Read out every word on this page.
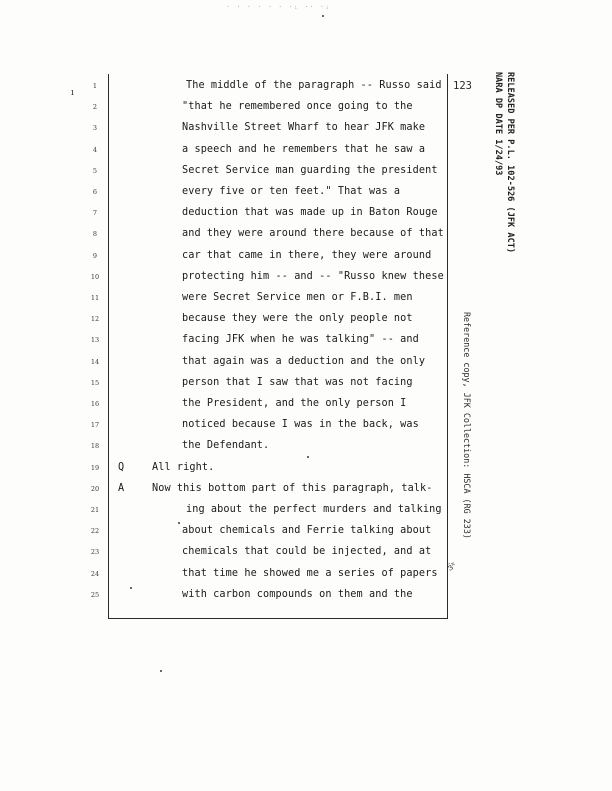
· · · · · · ·ᵢ ·· ·ᵢ
ı
123	RELEASED PER P.L. 102-526 (JFK ACT)
NARA DP DATE 1/24/93
Reference copy, JFK Collection: HSCA (RG 233)
ɜ̈ˣ
1	The middle of the paragraph -- Russo said
2	"that he remembered once going to the
3	Nashville Street Wharf to hear JFK make
4	a speech and he remembers that he saw a
5	Secret Service man guarding the president
6	every five or ten feet." That was a
7	deduction that was made up in Baton Rouge
8	and they were around there because of that
9	car that came in there, they were around
10	protecting him -- and -- "Russo knew these
11	were Secret Service men or F.B.I. men
12	because they were the only people not
13	facing JFK when he was talking" -- and
14	that again was a deduction and the only
15	person that I saw that was not facing
16	the President, and the only person I
17	noticed because I was in the back, was
18	the Defendant.
19	Q	All right.
20	A	Now this bottom part of this paragraph, talk-
21	ing about the perfect murders and talking
22	about chemicals and Ferrie talking about
23	chemicals that could be injected, and at
24	that time he showed me a series of papers
25	with carbon compounds on them and the
